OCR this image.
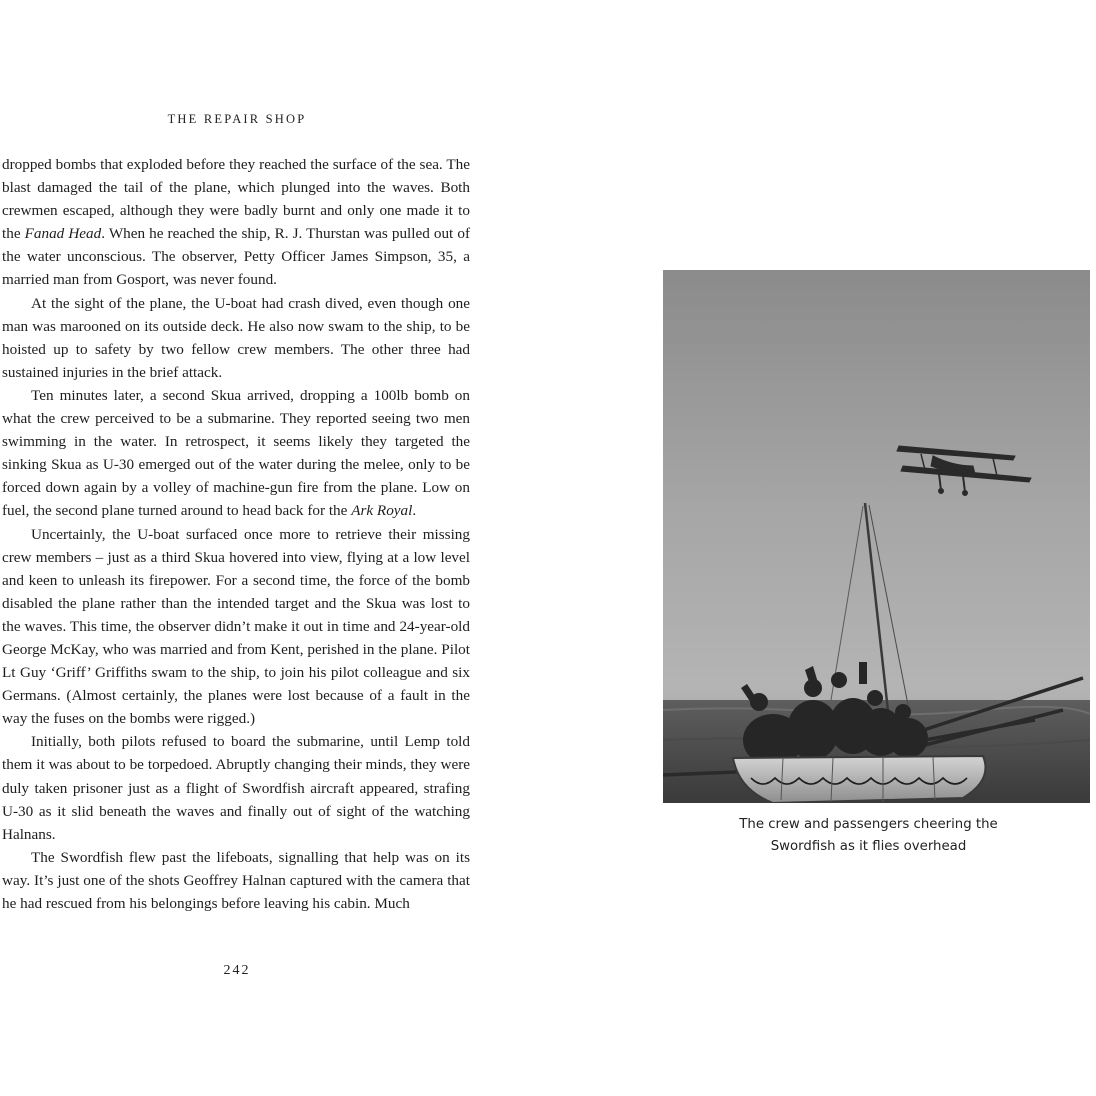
THE REPAIR SHOP

dropped bombs that exploded before they reached the surface of the sea. The blast damaged the tail of the plane, which plunged into the waves. Both crewmen escaped, although they were badly burnt and only one made it to the Fanad Head. When he reached the ship, R. J. Thurstan was pulled out of the water unconscious. The observer, Petty Officer James Simpson, 35, a married man from Gosport, was never found.

At the sight of the plane, the U-boat had crash dived, even though one man was marooned on its outside deck. He also now swam to the ship, to be hoisted up to safety by two fellow crew members. The other three had sustained injuries in the brief attack.

Ten minutes later, a second Skua arrived, dropping a 100lb bomb on what the crew perceived to be a submarine. They reported seeing two men swimming in the water. In retrospect, it seems likely they targeted the sinking Skua as U-30 emerged out of the water during the melee, only to be forced down again by a volley of machine-gun fire from the plane. Low on fuel, the second plane turned around to head back for the Ark Royal.

Uncertainly, the U-boat surfaced once more to retrieve their missing crew members – just as a third Skua hovered into view, flying at a low level and keen to unleash its firepower. For a second time, the force of the bomb disabled the plane rather than the intended target and the Skua was lost to the waves. This time, the observer didn’t make it out in time and 24-year-old George McKay, who was married and from Kent, perished in the plane. Pilot Lt Guy ‘Griff’ Griffiths swam to the ship, to join his pilot colleague and six Germans. (Almost certainly, the planes were lost because of a fault in the way the fuses on the bombs were rigged.)

Initially, both pilots refused to board the submarine, until Lemp told them it was about to be torpedoed. Abruptly changing their minds, they were duly taken prisoner just as a flight of Swordfish aircraft appeared, strafing U-30 as it slid beneath the waves and finally out of sight of the watching Halnans.

The Swordfish flew past the lifeboats, signalling that help was on its way. It’s just one of the shots Geoffrey Halnan captured with the camera that he had rescued from his belongings before leaving his cabin. Much

242
The crew and passengers cheering the
Swordfish as it flies overhead
